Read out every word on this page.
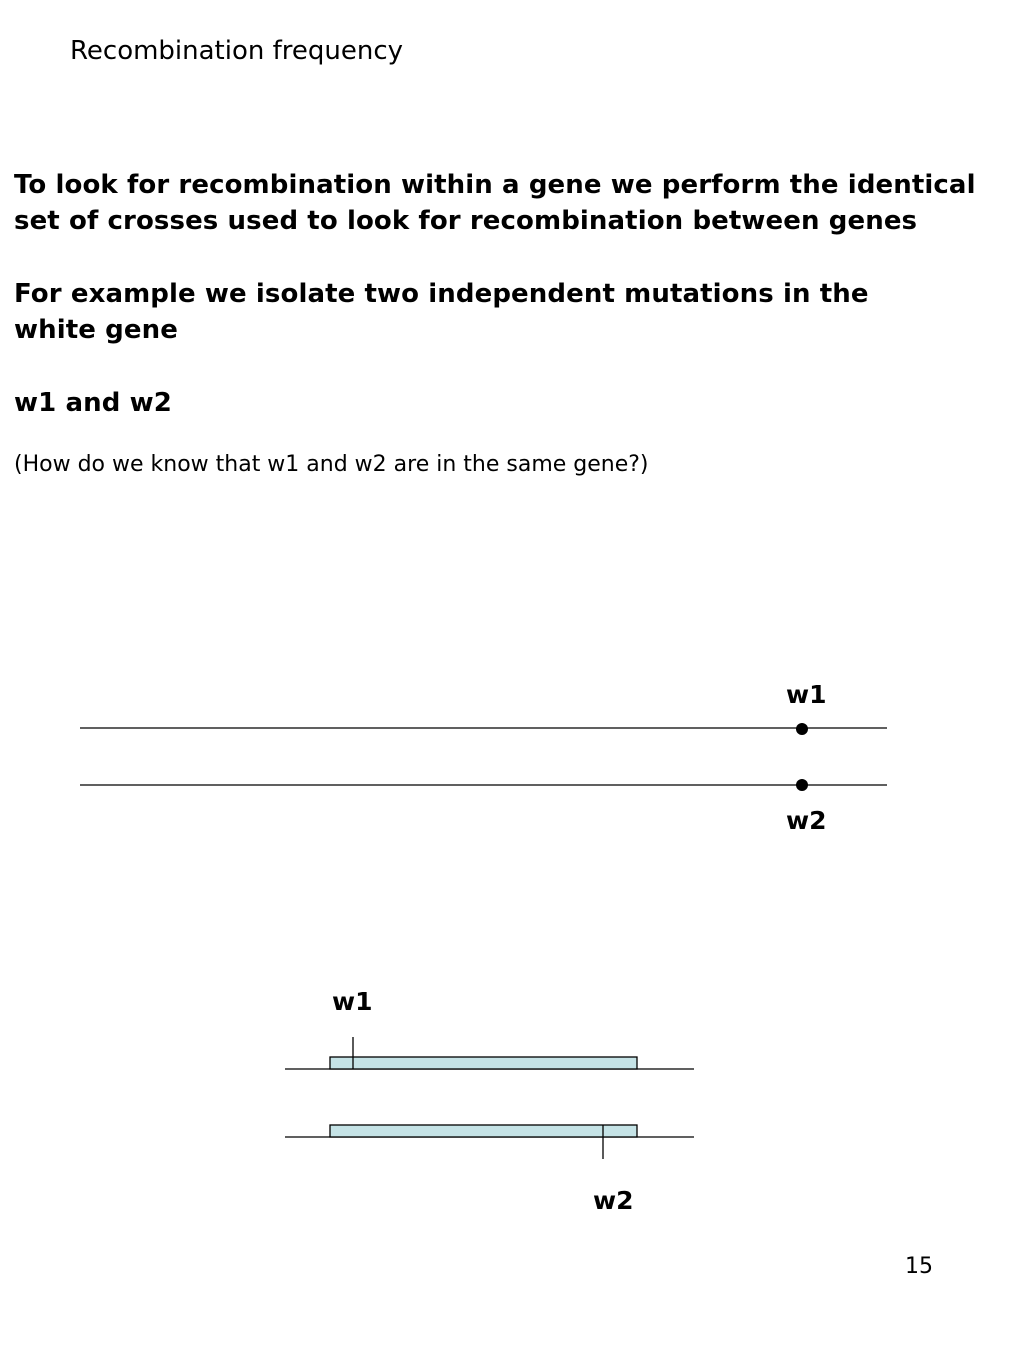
Recombination frequency
To look for recombination within a gene we perform the identical
set of crosses used to look for recombination between genes
For example we isolate two independent mutations in the
white gene
w1 and w2
(How do we know that w1 and w2 are in the same gene?)
w1
w2
w1
w2
15
